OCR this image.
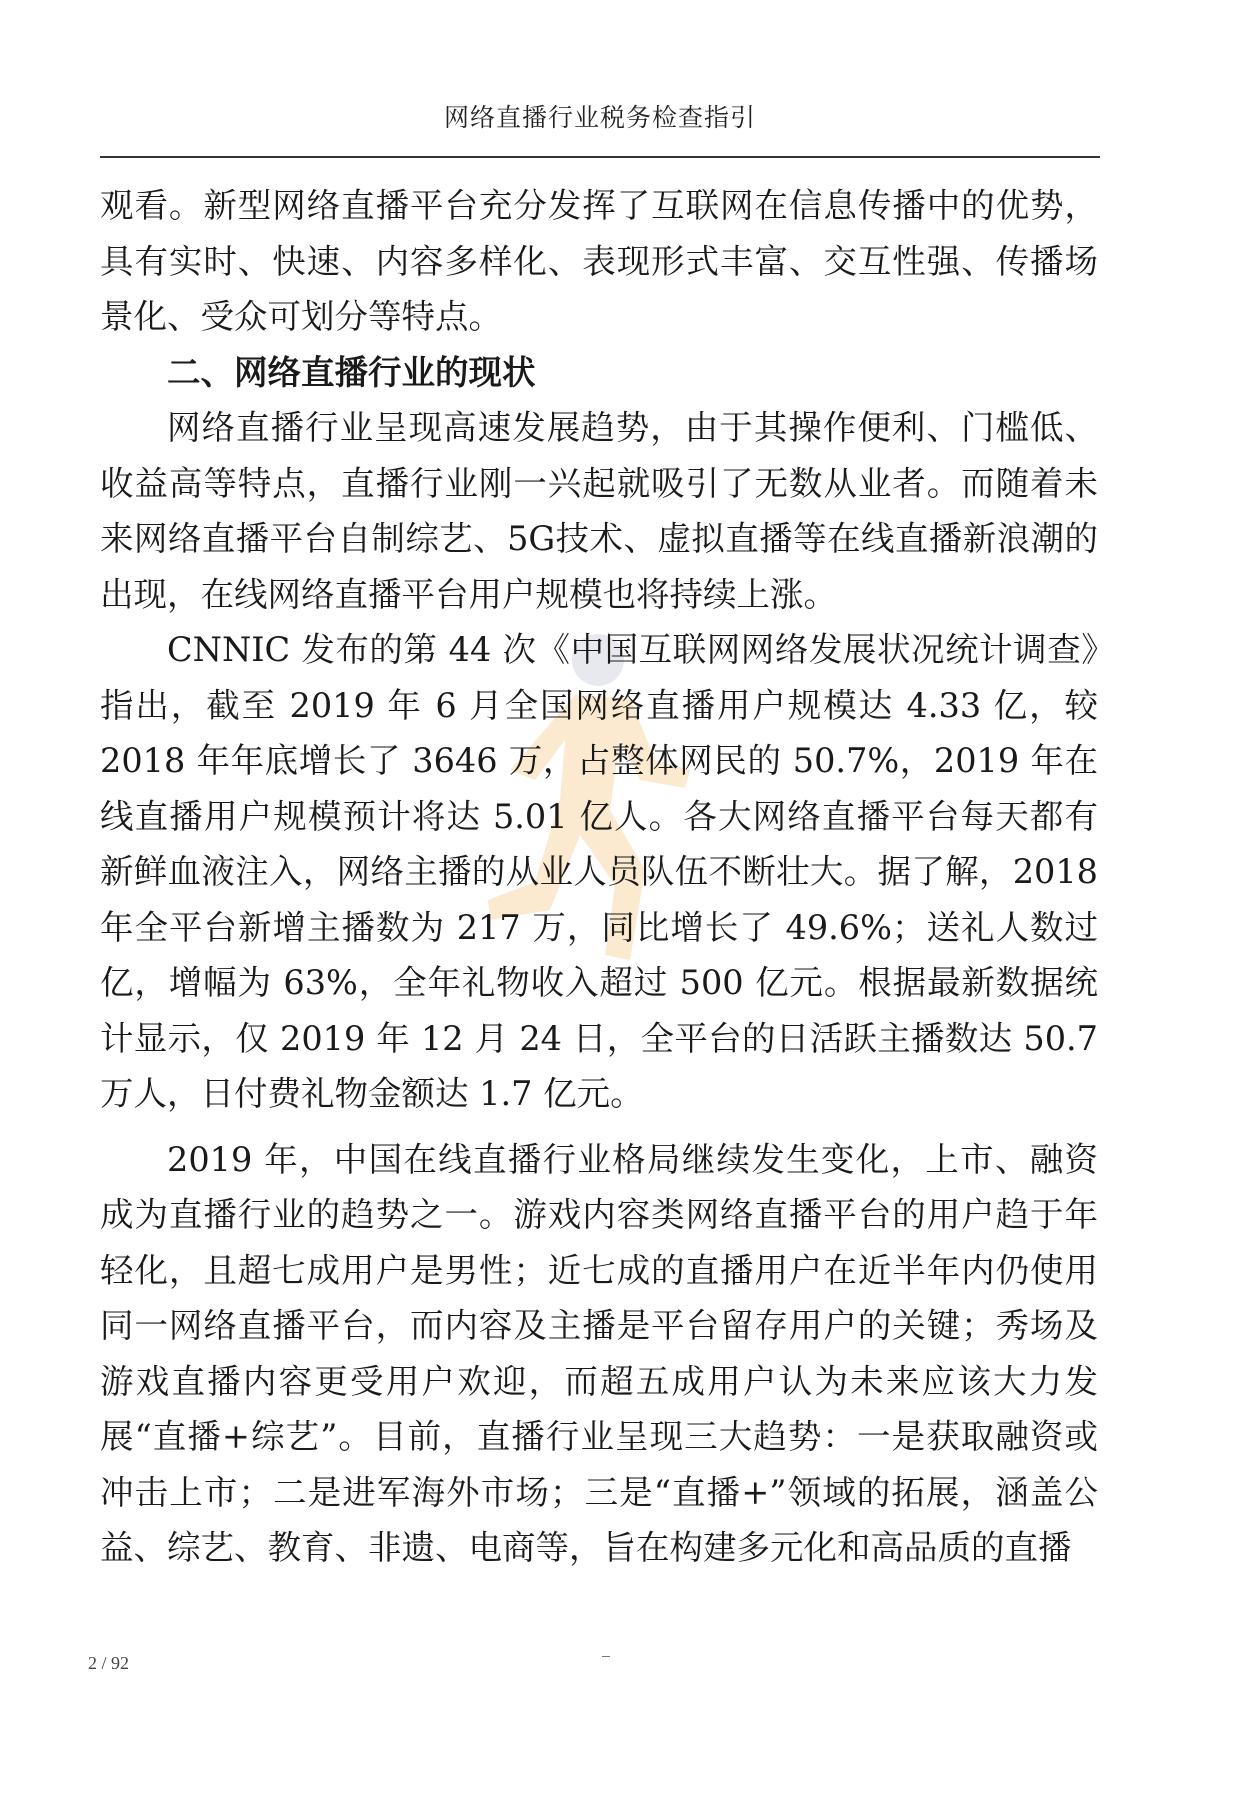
网络直播行业税务检查指引

观看。新型网络直播平台充分发挥了互联网在信息传播中的优势，具有实时、快速、内容多样化、表现形式丰富、交互性强、传播场景化、受众可划分等特点。

二、网络直播行业的现状

网络直播行业呈现高速发展趋势，由于其操作便利、门槛低、收益高等特点，直播行业刚一兴起就吸引了无数从业者。而随着未来网络直播平台自制综艺、5G技术、虚拟直播等在线直播新浪潮的出现，在线网络直播平台用户规模也将持续上涨。

CNNIC 发布的第 44 次《中国互联网网络发展状况统计调查》指出，截至 2019 年 6 月全国网络直播用户规模达 4.33 亿，较 2018 年年底增长了 3646 万，占整体网民的 50.7%，2019 年在线直播用户规模预计将达 5.01 亿人。各大网络直播平台每天都有新鲜血液注入，网络主播的从业人员队伍不断壮大。据了解，2018 年全平台新增主播数为 217 万，同比增长了 49.6%；送礼人数过亿，增幅为 63%，全年礼物收入超过 500 亿元。根据最新数据统计显示，仅 2019 年 12 月 24 日，全平台的日活跃主播数达 50.7 万人，日付费礼物金额达 1.7 亿元。

2019 年，中国在线直播行业格局继续发生变化，上市、融资成为直播行业的趋势之一。游戏内容类网络直播平台的用户趋于年轻化，且超七成用户是男性；近七成的直播用户在近半年内仍使用同一网络直播平台，而内容及主播是平台留存用户的关键；秀场及游戏直播内容更受用户欢迎，而超五成用户认为未来应该大力发展“直播+综艺”。目前，直播行业呈现三大趋势：一是获取融资或冲击上市；二是进军海外市场；三是“直播+”领域的拓展，涵盖公益、综艺、教育、非遗、电商等，旨在构建多元化和高品质的直播

2 / 92
